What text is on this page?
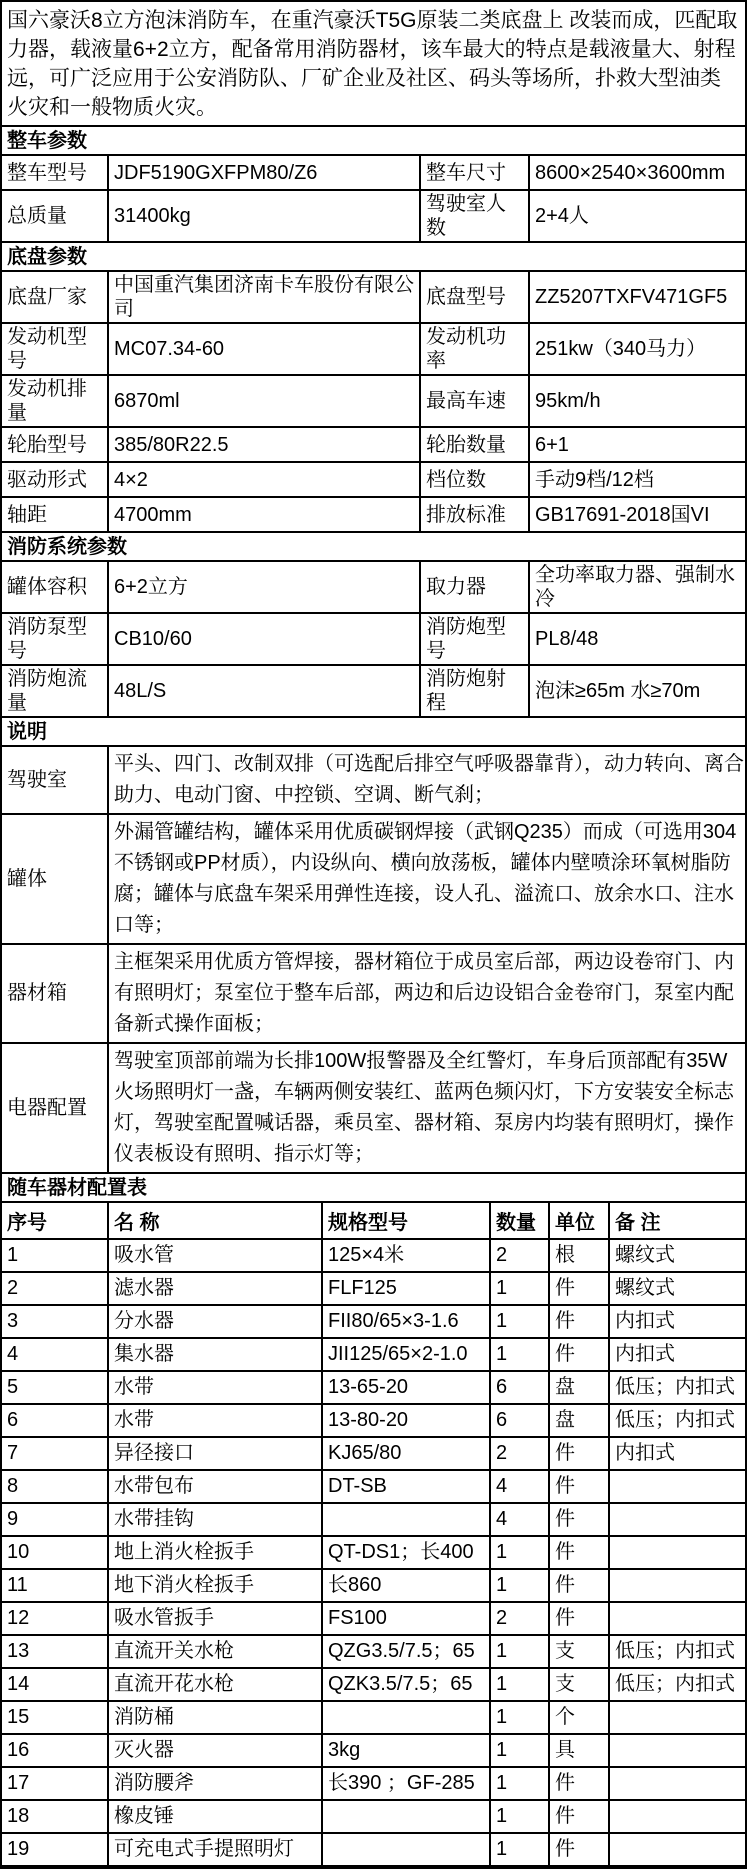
国六豪沃8立方泡沫消防车，在重汽豪沃T5G原装二类底盘上 改装而成，匹配取力器，载液量6+2立方，配备常用消防器材，该车最大的特点是载液量大、射程远，可广泛应用于公安消防队、厂矿企业及社区、码头等场所，扑救大型油类火灾和一般物质火灾。
整车参数
整车型号	JDF5190GXFPM80/Z6	整车尺寸	8600×2540×3600mm
总质量	31400kg	驾驶室人数	2+4人
底盘参数
底盘厂家	中国重汽集团济南卡车股份有限公司	底盘型号	ZZ5207TXFV471GF5
发动机型号	MC07.34-60	发动机功率	251kw（340马力）
发动机排量	6870ml	最高车速	95km/h
轮胎型号	385/80R22.5	轮胎数量	6+1
驱动形式	4×2	档位数	手动9档/12档
轴距	4700mm	排放标准	GB17691-2018国VI
消防系统参数
罐体容积	6+2立方	取力器	全功率取力器、强制水冷
消防泵型号	CB10/60	消防炮型号	PL8/48
消防炮流量	48L/S	消防炮射程	泡沫≥65m 水≥70m
说明
驾驶室	平头、四门、改制双排（可选配后排空气呼吸器靠背），动力转向、离合助力、电动门窗、中控锁、空调、断气刹；
罐体	外漏管罐结构，罐体采用优质碳钢焊接（武钢Q235）而成（可选用304不锈钢或PP材质），内设纵向、横向放荡板，罐体内壁喷涂环氧树脂防腐；罐体与底盘车架采用弹性连接，设人孔、溢流口、放余水口、注水口等；
器材箱	主框架采用优质方管焊接，器材箱位于成员室后部，两边设卷帘门、内有照明灯；泵室位于整车后部，两边和后边设铝合金卷帘门，泵室内配备新式操作面板；
电器配置	驾驶室顶部前端为长排100W报警器及全红警灯，车身后顶部配有35W火场照明灯一盏，车辆两侧安装红、蓝两色频闪灯，下方安装安全标志灯，驾驶室配置喊话器，乘员室、器材箱、泵房内均装有照明灯，操作仪表板设有照明、指示灯等；
随车器材配置表
序号	名 称	规格型号	数量	单位	备 注
1	吸水管	125×4米	2	根	螺纹式
2	滤水器	FLF125	1	件	螺纹式
3	分水器	FII80/65×3-1.6	1	件	内扣式
4	集水器	JII125/65×2-1.0	1	件	内扣式
5	水带	13-65-20	6	盘	低压；内扣式
6	水带	13-80-20	6	盘	低压；内扣式
7	异径接口	KJ65/80	2	件	内扣式
8	水带包布	DT-SB	4	件	
9	水带挂钩		4	件	
10	地上消火栓扳手	QT-DS1；长400	1	件	
11	地下消火栓扳手	长860	1	件	
12	吸水管扳手	FS100	2	件	
13	直流开关水枪	QZG3.5/7.5；65	1	支	低压；内扣式
14	直流开花水枪	QZK3.5/7.5；65	1	支	低压；内扣式
15	消防桶		1	个	
16	灭火器	3kg	1	具	
17	消防腰斧	长390 ；GF-285	1	件	
18	橡皮锤		1	件	
19	可充电式手提照明灯		1	件	
